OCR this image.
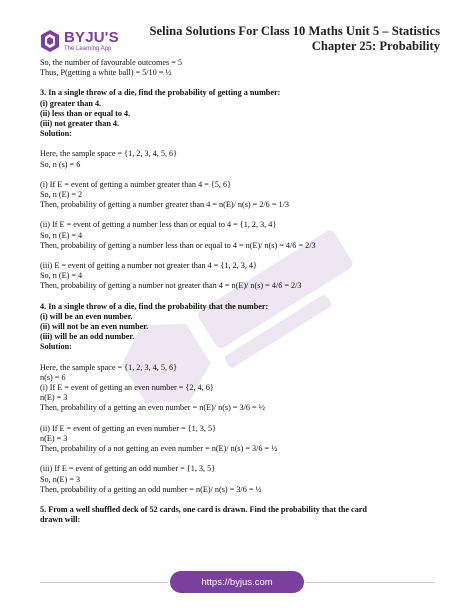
BYJU'S
The Learning App
Selina Solutions For Class 10 Maths Unit 5 – Statistics
Chapter 25: Probability

So, the number of favourable outcomes = 5

Thus, P(getting a white ball) = 5/10 = ½

3. In a single throw of a die, find the probability of getting a number:

(i) greater than 4.

(ii) less than or equal to 4.

(iii) not greater than 4.

Solution:

Here, the sample space = {1, 2, 3, 4, 5, 6}

So, n (s) = 6

(i) If E = event of getting a number greater than 4 = {5, 6}

So, n (E) = 2

Then, probability of getting a number greater than 4 = n(E)/ n(s) = 2/6 = 1/3

(ii) If E = event of getting a number less than or equal to 4 = {1, 2, 3, 4}

So, n (E) = 4

Then, probability of getting a number less than or equal to 4 = n(E)/ n(s) = 4/6 = 2/3

(iii) E = event of getting a number not greater than 4 = {1, 2, 3, 4}

So, n (E) = 4

Then, probability of getting a number not greater than 4 = n(E)/ n(s) = 4/6 = 2/3

4. In a single throw of a die, find the probability that the number:

(i) will be an even number.

(ii) will not be an even number.

(iii) will be an odd number.

Solution:

Here, the sample space = {1, 2, 3, 4, 5, 6}

n(s) = 6

(i) If E = event of getting an even number = {2, 4, 6}

n(E) = 3

Then, probability of a getting an even number = n(E)/ n(s) = 3/6 = ½

(ii) If E = event of getting an even number = {1, 3, 5}

n(E) = 3

Then, probability of a not getting an even number = n(E)/ n(s) = 3/6 = ½

(iii) If E = event of getting an odd number = {1, 3, 5}

So, n(E) = 3

Then, probability of a getting an odd number = n(E)/ n(s) = 3/6 = ½

5. From a well shuffled deck of 52 cards, one card is drawn. Find the probability that the card

drawn will:

https://byjus.com
